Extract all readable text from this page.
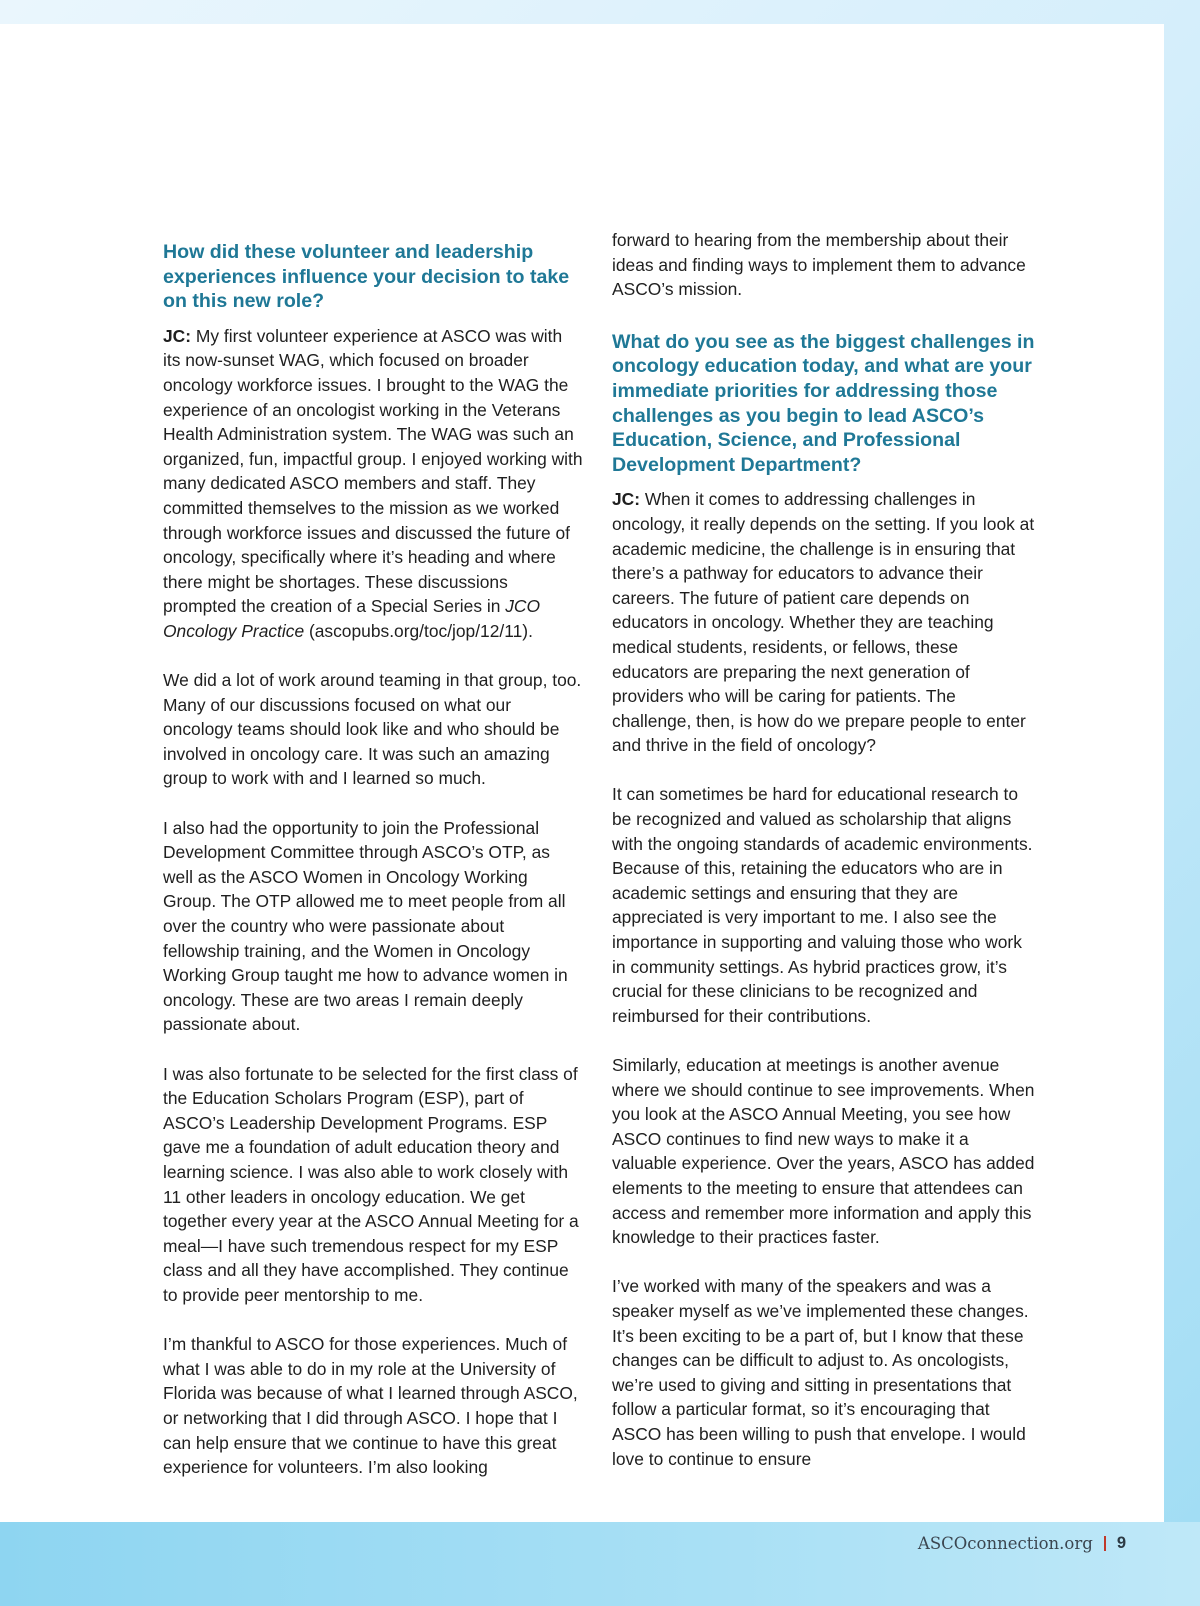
How did these volunteer and leadership experiences influence your decision to take on this new role?
JC: My first volunteer experience at ASCO was with its now-sunset WAG, which focused on broader oncology workforce issues. I brought to the WAG the experience of an oncologist working in the Veterans Health Administration system. The WAG was such an organized, fun, impactful group. I enjoyed working with many dedicated ASCO members and staff. They committed themselves to the mission as we worked through workforce issues and discussed the future of oncology, specifically where it’s heading and where there might be shortages. These discussions prompted the creation of a Special Series in JCO Oncology Practice (ascopubs.org/toc/jop/12/11).
We did a lot of work around teaming in that group, too. Many of our discussions focused on what our oncology teams should look like and who should be involved in oncology care. It was such an amazing group to work with and I learned so much.
I also had the opportunity to join the Professional Development Committee through ASCO’s OTP, as well as the ASCO Women in Oncology Working Group. The OTP allowed me to meet people from all over the country who were passionate about fellowship training, and the Women in Oncology Working Group taught me how to advance women in oncology. These are two areas I remain deeply passionate about.
I was also fortunate to be selected for the first class of the Education Scholars Program (ESP), part of ASCO’s Leadership Development Programs. ESP gave me a foundation of adult education theory and learning science. I was also able to work closely with 11 other leaders in oncology education. We get together every year at the ASCO Annual Meeting for a meal—I have such tremendous respect for my ESP class and all they have accomplished. They continue to provide peer mentorship to me.
I’m thankful to ASCO for those experiences. Much of what I was able to do in my role at the University of Florida was because of what I learned through ASCO, or networking that I did through ASCO. I hope that I can help ensure that we continue to have this great experience for volunteers. I’m also looking
forward to hearing from the membership about their ideas and finding ways to implement them to advance ASCO’s mission.
What do you see as the biggest challenges in oncology education today, and what are your immediate priorities for addressing those challenges as you begin to lead ASCO’s Education, Science, and Professional Development Department?
JC: When it comes to addressing challenges in oncology, it really depends on the setting. If you look at academic medicine, the challenge is in ensuring that there’s a pathway for educators to advance their careers. The future of patient care depends on educators in oncology. Whether they are teaching medical students, residents, or fellows, these educators are preparing the next generation of providers who will be caring for patients. The challenge, then, is how do we prepare people to enter and thrive in the field of oncology?
It can sometimes be hard for educational research to be recognized and valued as scholarship that aligns with the ongoing standards of academic environments. Because of this, retaining the educators who are in academic settings and ensuring that they are appreciated is very important to me. I also see the importance in supporting and valuing those who work in community settings. As hybrid practices grow, it’s crucial for these clinicians to be recognized and reimbursed for their contributions.
Similarly, education at meetings is another avenue where we should continue to see improvements. When you look at the ASCO Annual Meeting, you see how ASCO continues to find new ways to make it a valuable experience. Over the years, ASCO has added elements to the meeting to ensure that attendees can access and remember more information and apply this knowledge to their practices faster.
I’ve worked with many of the speakers and was a speaker myself as we’ve implemented these changes. It’s been exciting to be a part of, but I know that these changes can be difficult to adjust to. As oncologists, we’re used to giving and sitting in presentations that follow a particular format, so it’s encouraging that ASCO has been willing to push that envelope. I would love to continue to ensure
ASCOconnection.org 9
